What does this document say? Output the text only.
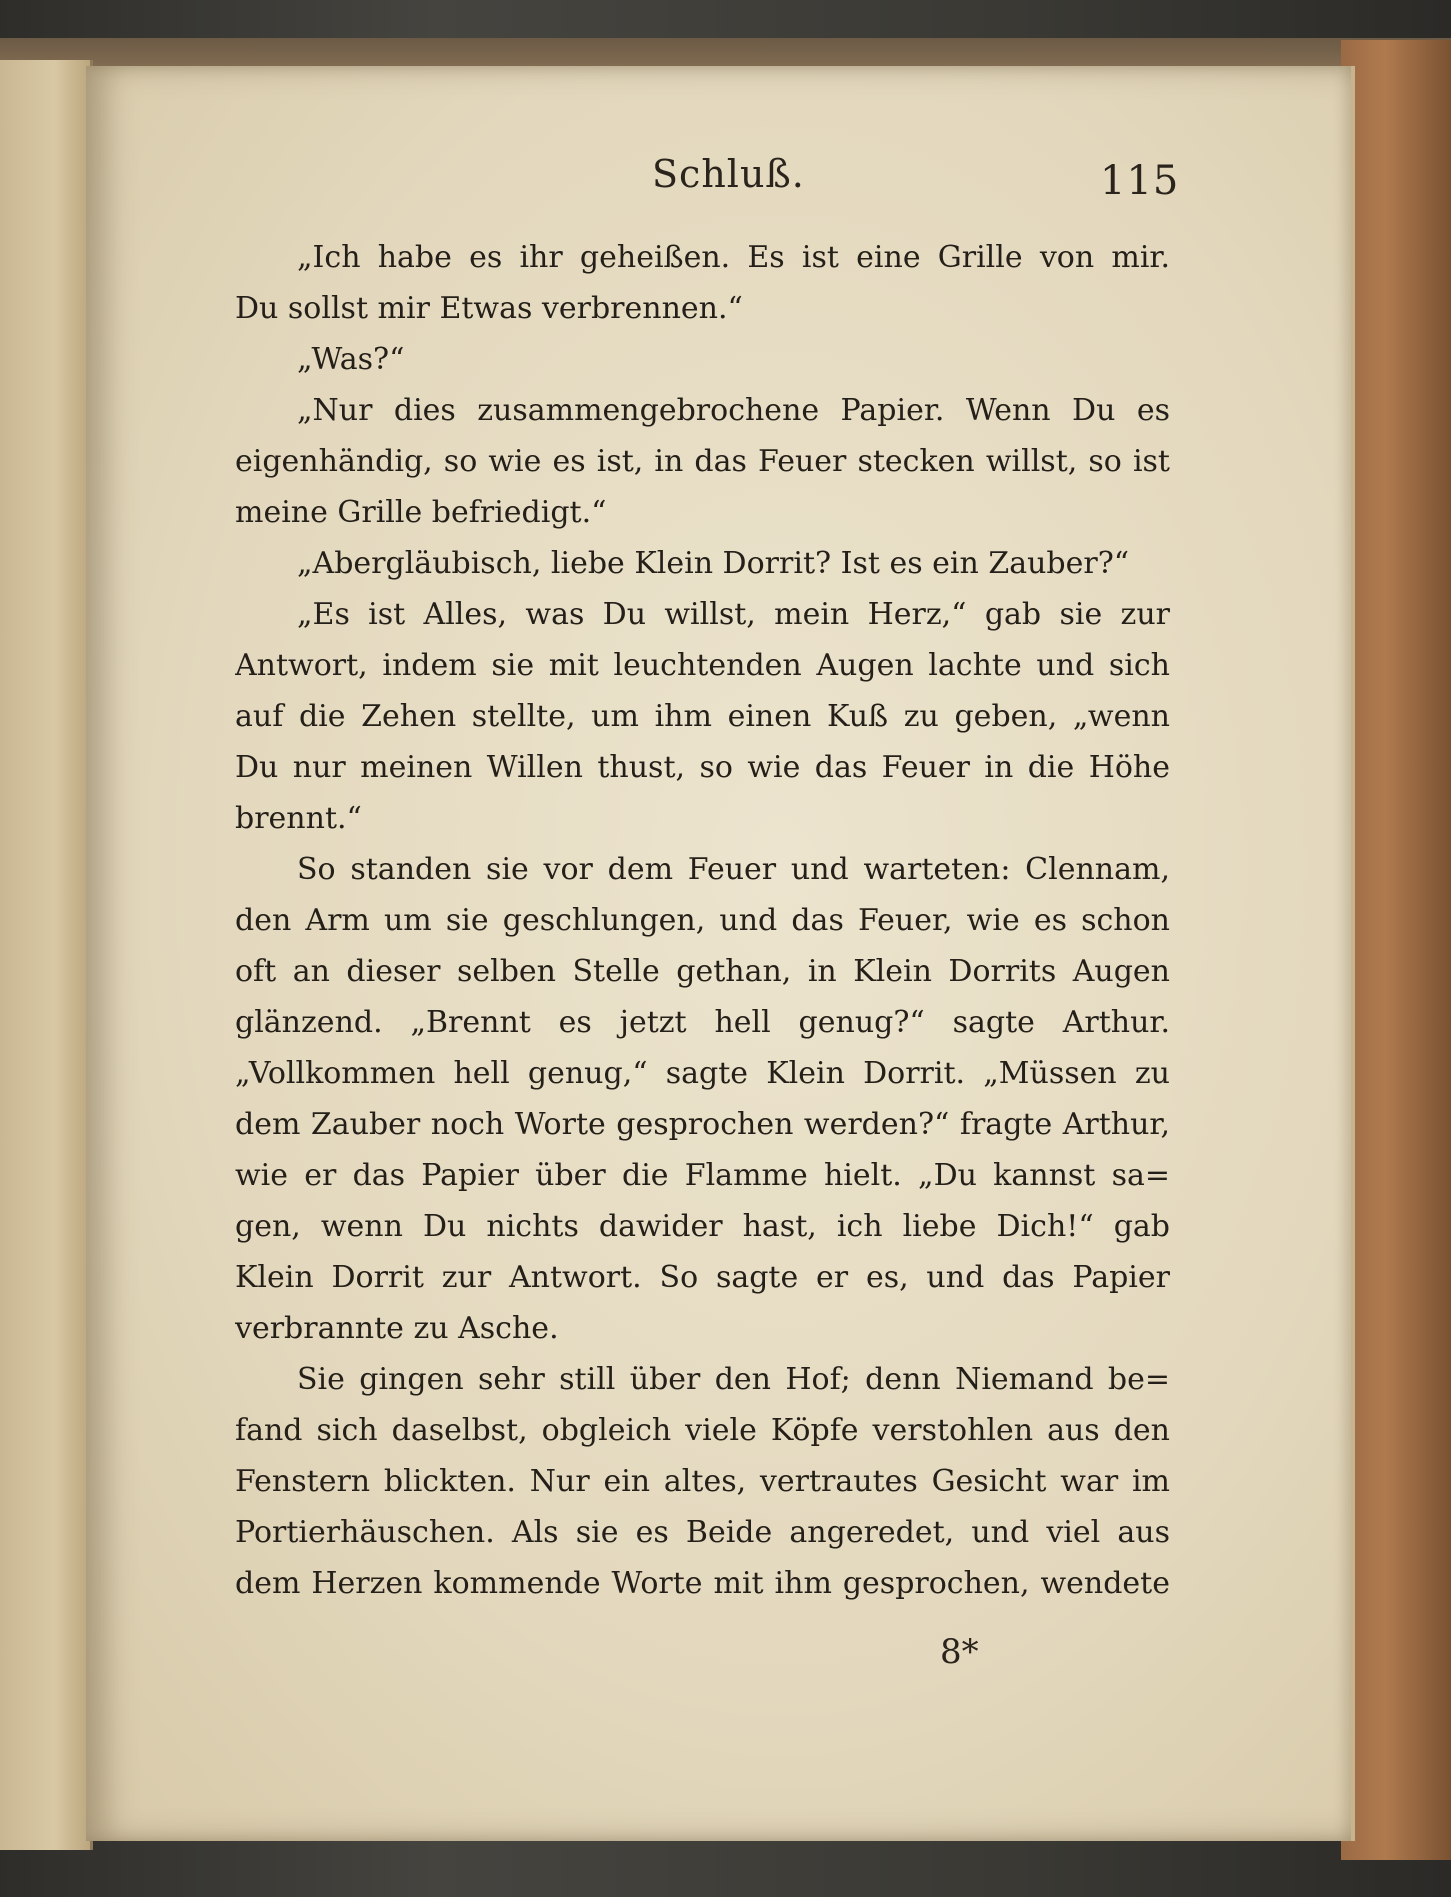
Schluß.	115
„Ich habe es ihr geheißen. Es ist eine Grille von mir.
Du sollst mir Etwas verbrennen.“
„Was?“
„Nur dies zusammengebrochene Papier. Wenn Du es
eigenhändig, so wie es ist, in das Feuer stecken willst, so ist
meine Grille befriedigt.“
„Abergläubisch, liebe Klein Dorrit? Ist es ein Zauber?“
„Es ist Alles, was Du willst, mein Herz,“ gab sie zur
Antwort, indem sie mit leuchtenden Augen lachte und sich
auf die Zehen stellte, um ihm einen Kuß zu geben, „wenn
Du nur meinen Willen thust, so wie das Feuer in die Höhe
brennt.“
So standen sie vor dem Feuer und warteten: Clennam,
den Arm um sie geschlungen, und das Feuer, wie es schon
oft an dieser selben Stelle gethan, in Klein Dorrits Augen
glänzend. „Brennt es jetzt hell genug?“ sagte Arthur.
„Vollkommen hell genug,“ sagte Klein Dorrit. „Müssen zu
dem Zauber noch Worte gesprochen werden?“ fragte Arthur,
wie er das Papier über die Flamme hielt. „Du kannst sa=
gen, wenn Du nichts dawider hast, ich liebe Dich!“ gab
Klein Dorrit zur Antwort. So sagte er es, und das Papier
verbrannte zu Asche.
Sie gingen sehr still über den Hof; denn Niemand be=
fand sich daselbst, obgleich viele Köpfe verstohlen aus den
Fenstern blickten. Nur ein altes, vertrautes Gesicht war im
Portierhäuschen. Als sie es Beide angeredet, und viel aus
dem Herzen kommende Worte mit ihm gesprochen, wendete
8*
